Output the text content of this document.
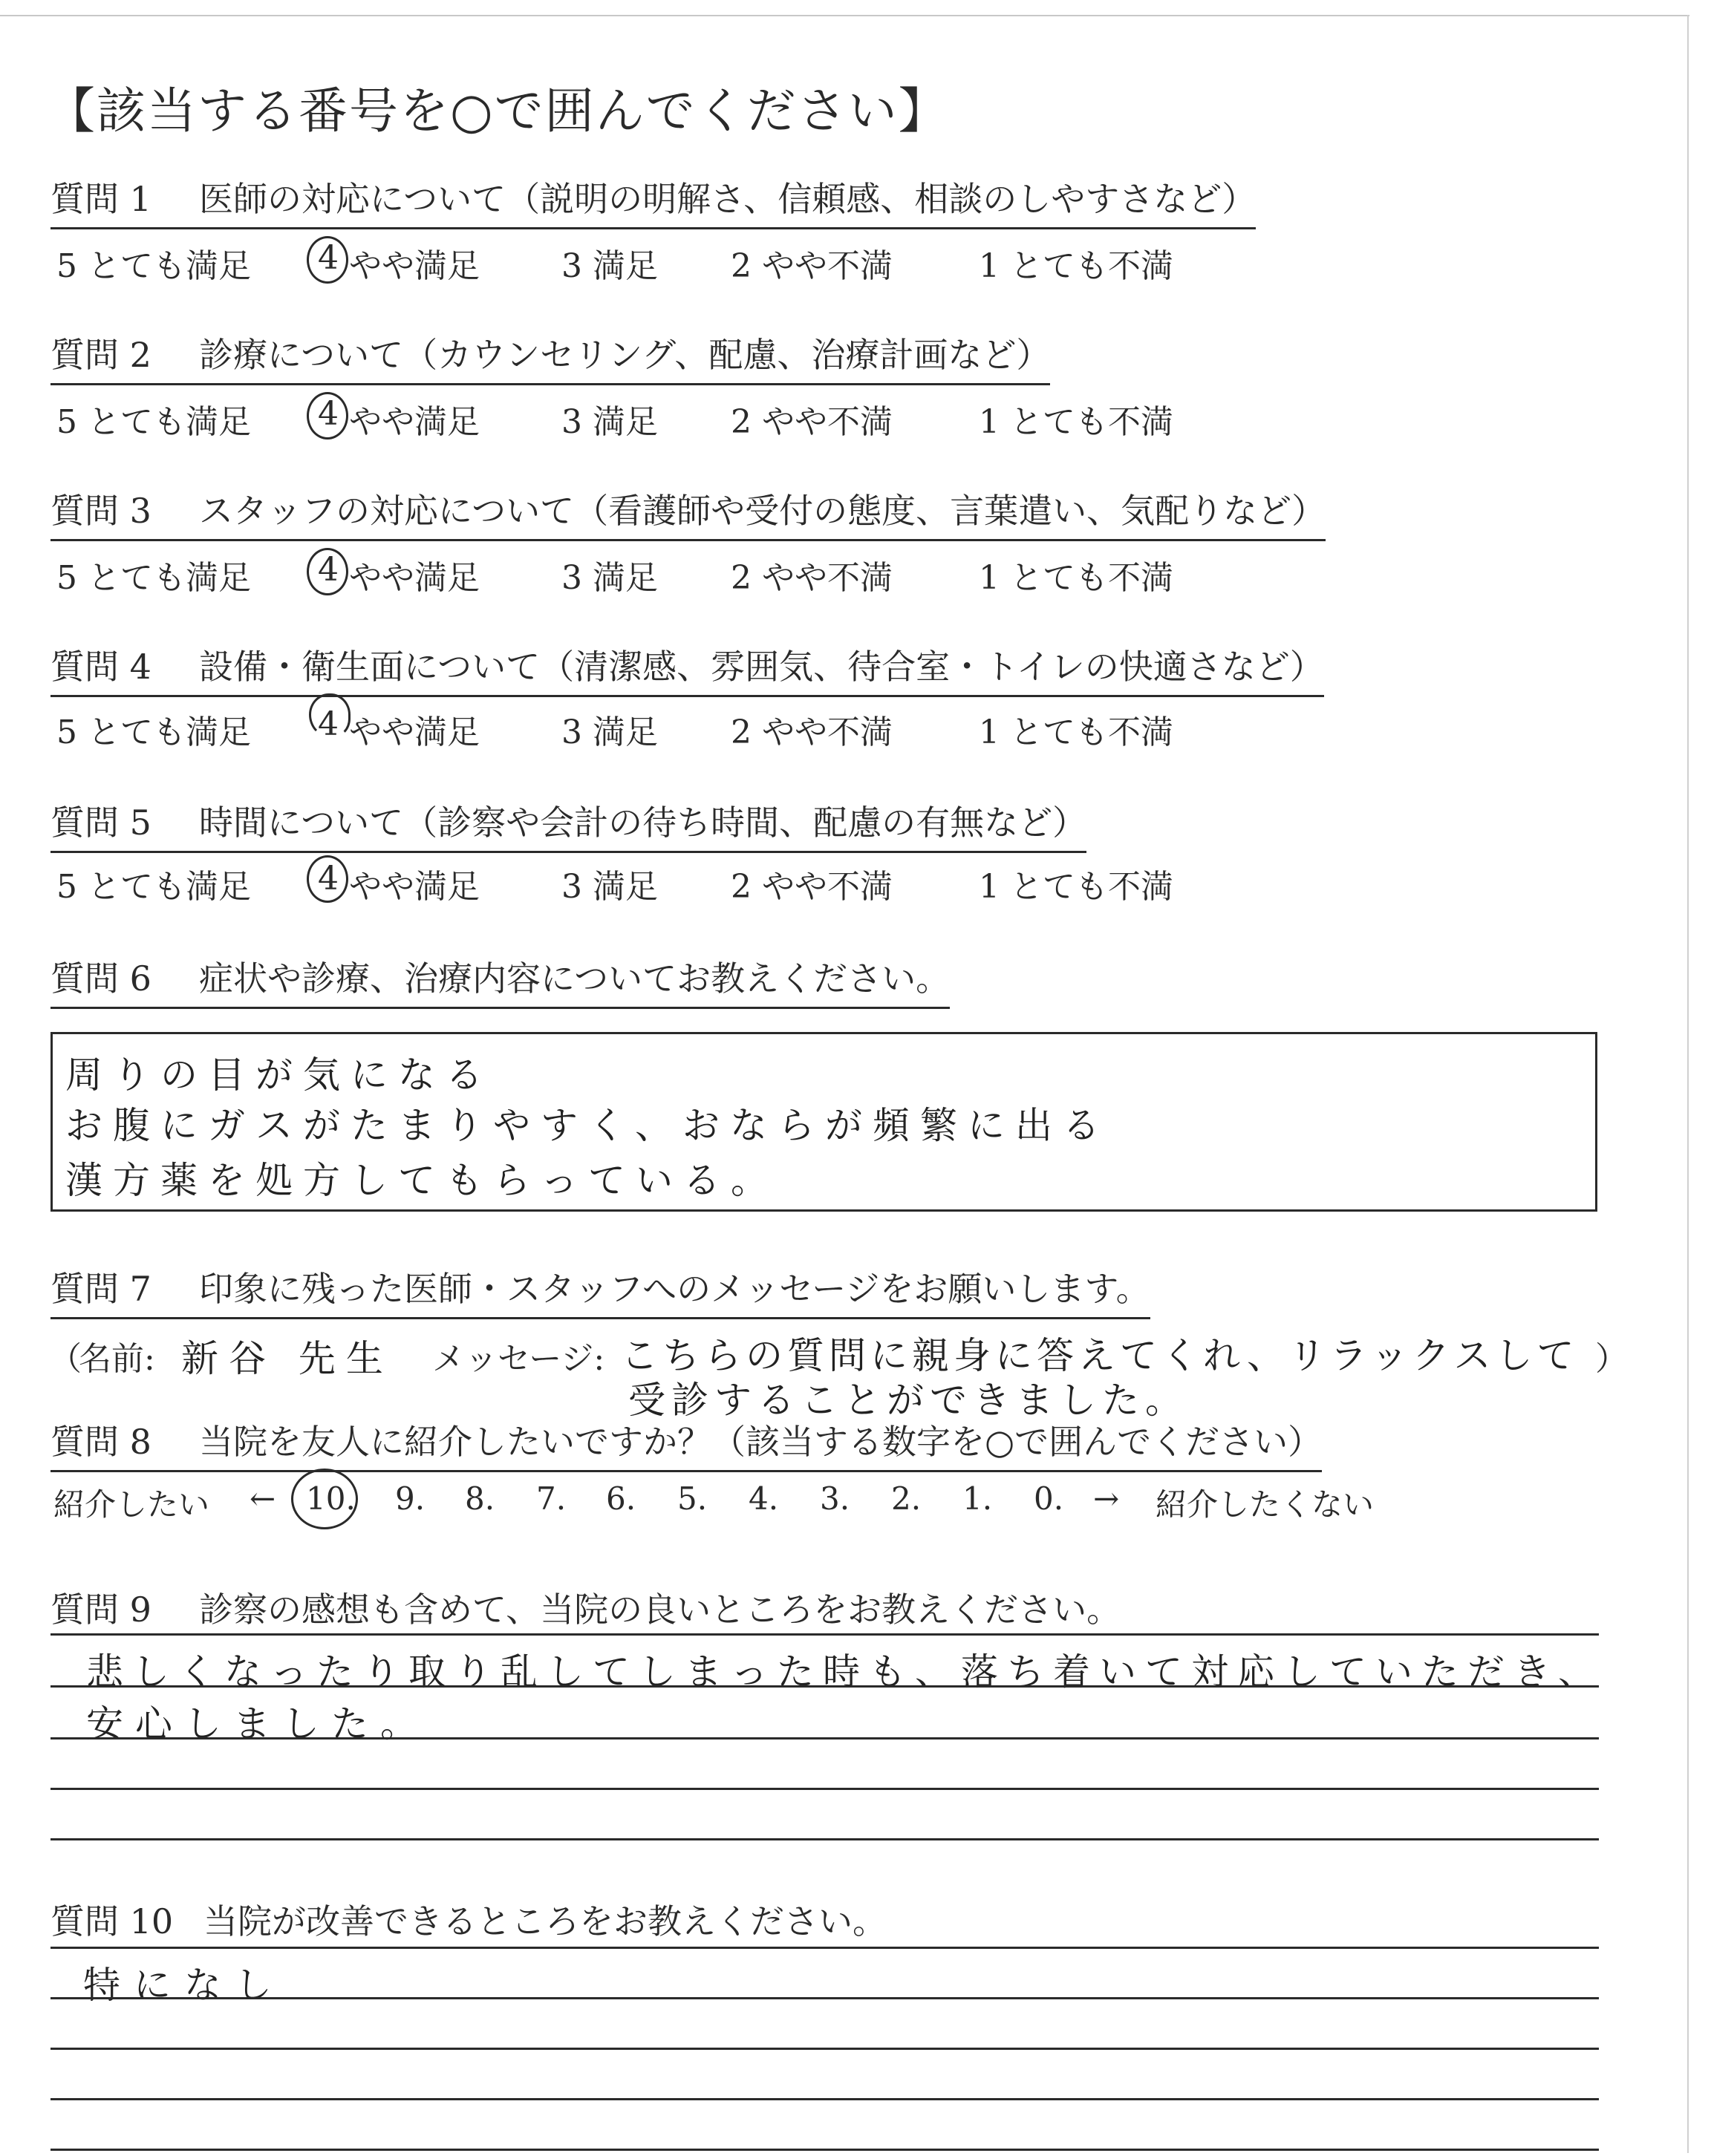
【該当する番号を○で囲んでください】
質問 1 医師の対応について（説明の明解さ、信頼感、相談のしやすさなど）
5 とても満足 4 やや満足	3 満足 2 やや不満	1 とても不満
質問 2 診療について（カウンセリング、配慮、治療計画など）
5 とても満足 4 やや満足	3 満足 2 やや不満	1 とても不満
質問 3 スタッフの対応について（看護師や受付の態度、言葉遣い、気配りなど）
5 とても満足 4 やや満足	3 満足 2 やや不満	1 とても不満
質問 4 設備・衛生面について（清潔感、雰囲気、待合室・トイレの快適さなど）
5 とても満足 4 やや満足	3 満足 2 やや不満	1 とても不満
質問 5 時間について（診察や会計の待ち時間、配慮の有無など）
5 とても満足 4 やや満足	3 満足 2 やや不満	1 とても不満
質問 6 症状や診療、治療内容についてお教えください。
周りの目が気になる
お腹にガスがたまりやすく、おならが頻繁に出る
漢方薬を処方してもらっている。
質問 7 印象に残った医師・スタッフへのメッセージをお願いします。
（
名前: 新谷 先生 メッセージ: こちらの質問に親身に答えてくれ、リラックスして ）
受診することができました。
質問 8 当院を友人に紹介したいですか？（該当する数字を○で囲んでください）
紹介したい ← 10. 9. 8. 7. 6. 5. 4. 3. 2. 1. 0. → 紹介したくない
質問 9 診察の感想も含めて、当院の良いところをお教えください。
悲しくなったり取り乱してしまった時も、落ち着いて対応していただき、
安心しました。
質問 10 当院が改善できるところをお教えください。
特になし
